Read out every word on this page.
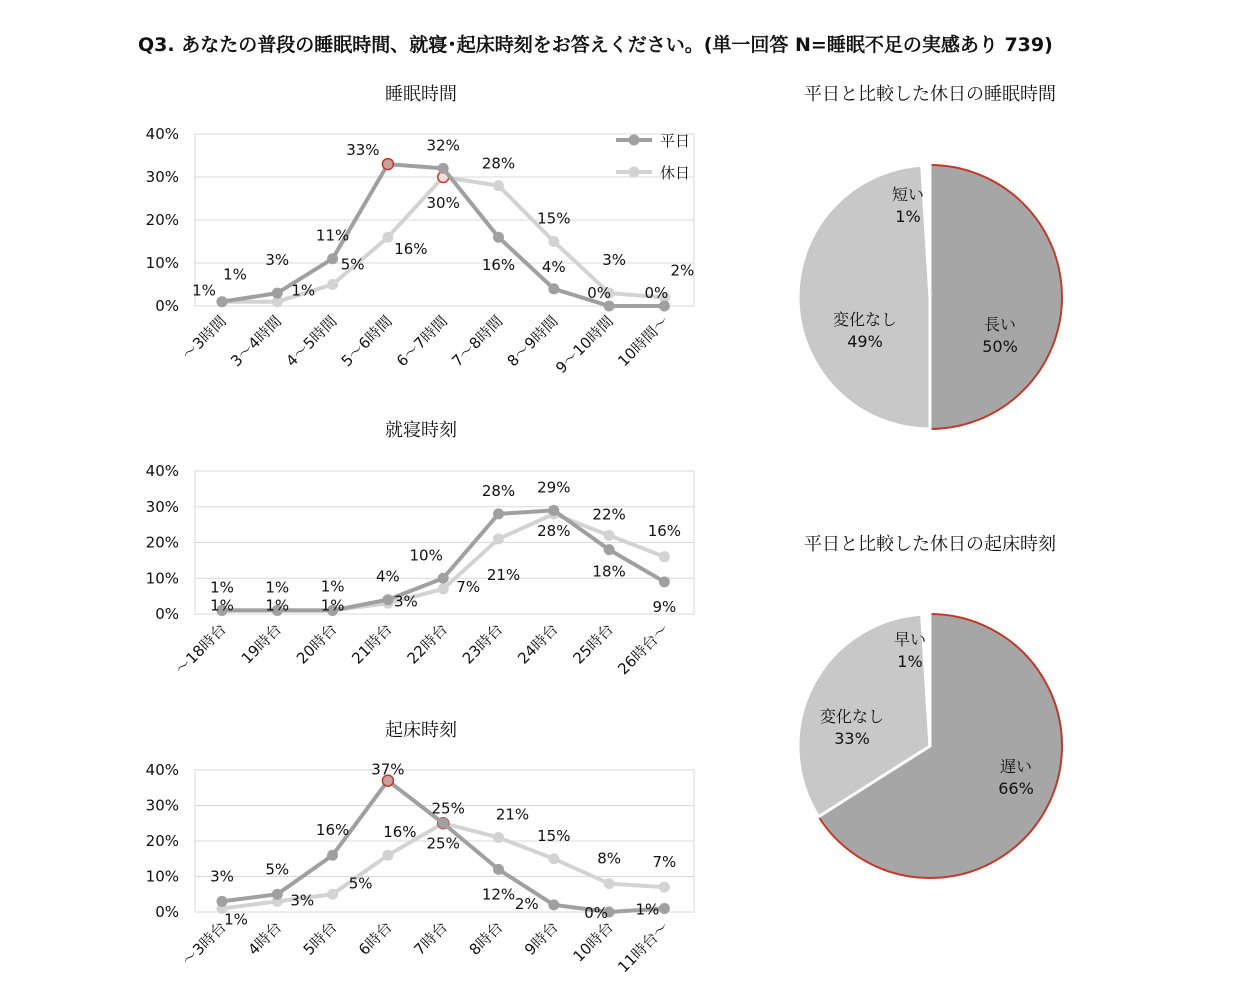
Q3. あなたの普段の睡眠時間、就寝･起床時刻をお答えください。(単一回答 N=睡眠不足の実感あり 739)
睡眠時間
就寝時刻
起床時刻
平日と比較した休日の睡眠時間
平日と比較した休日の起床時刻
0%
10%
20%
30%
40%
～3時間
3～4時間
4～5時間
5～6時間
6～7時間
7～8時間
8～9時間
9～10時間
10時間～
1%
3%
11%
33%	32%
16% 4%
0% 0%
1%
1%
5%
16%
30%
28%
15%
3%
2%
平日
休日
0%
10%
20%
30%
40%
～18時台 19時台 20時台 21時台 22時台 23時台 24時台 25時台
26時台～
1% 1% 1%
4%
10%
28% 29%
18%
9%
1% 1% 1%	3%
7%
21%
28%
22%
16%
0%
10%
20%
30%
40%
～3時台 4時台 5時台 6時台 7時台 8時台 9時台 10時台
11時台～
3% 5%
16%
37%
25%
12%
2%
0% 1%
1%
3%
5%
16%
25% 21%
15%
8% 7%
長い
50%
変化なし
49%
短い
1%
遅い
66%
変化なし
33%
早い
1%
